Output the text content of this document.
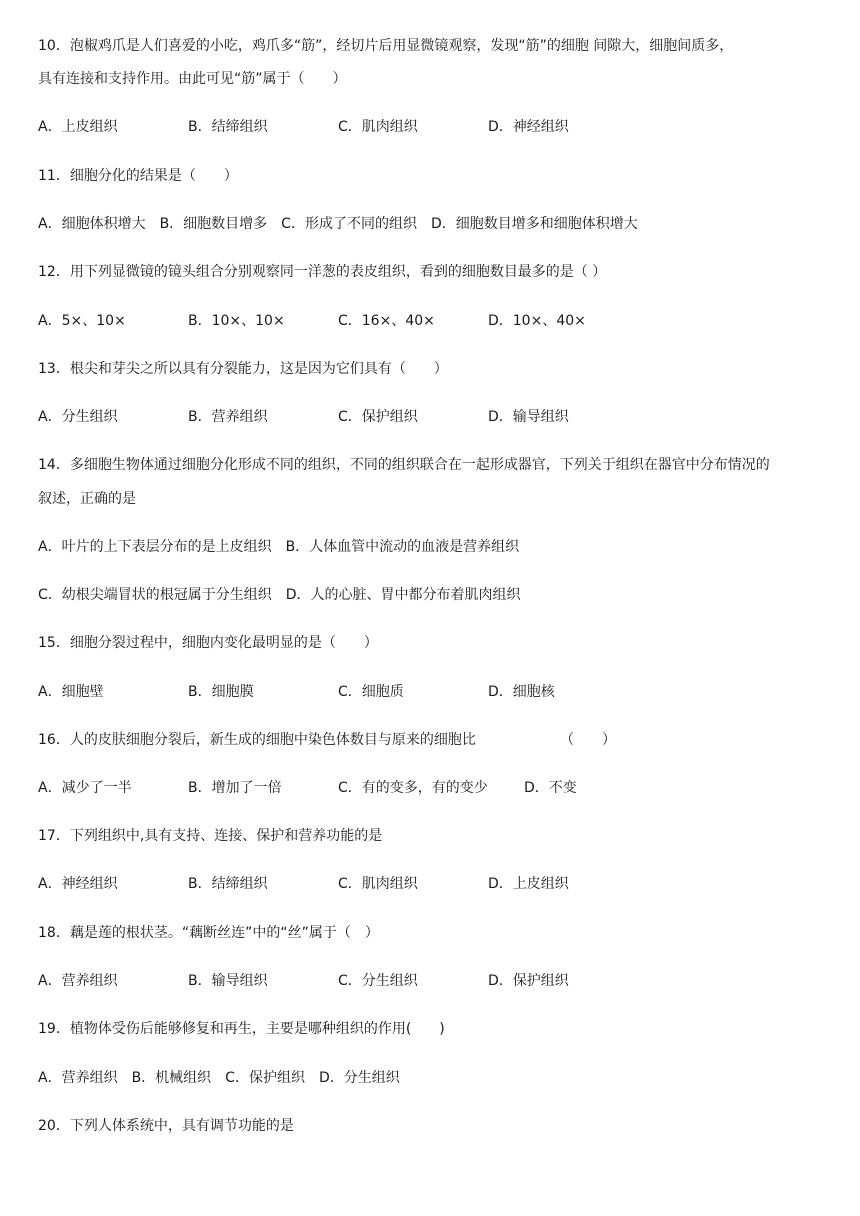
10．泡椒鸡爪是人们喜爱的小吃，鸡爪多“筋”，经切片后用显微镜观察，发现“筋”的细胞 间隙大，细胞间质多，
具有连接和支持作用。由此可见“筋”属于（　　）
A．上皮组织	B．结缔组织	C．肌肉组织	D．神经组织
11．细胞分化的结果是（　　）
A．细胞体积增大　B．细胞数目增多　C．形成了不同的组织　D．细胞数目增多和细胞体积增大
12．用下列显微镜的镜头组合分别观察同一洋葱的表皮组织，看到的细胞数目最多的是（ ）
A．5×、10×	B．10×、10×	C．16×、40×	D．10×、40×
13．根尖和芽尖之所以具有分裂能力，这是因为它们具有（　　）
A．分生组织	B．营养组织	C．保护组织	D．输导组织
14．多细胞生物体通过细胞分化形成不同的组织，不同的组织联合在一起形成器官，下列关于组织在器官中分布情况的
叙述，正确的是
A．叶片的上下表层分布的是上皮组织　B．人体血管中流动的血液是营养组织
C．幼根尖端冒状的根冠属于分生组织　D．人的心脏、胃中都分布着肌肉组织
15．细胞分裂过程中，细胞内变化最明显的是（　　）
A．细胞壁	B．细胞膜	C．细胞质	D．细胞核
16．人的皮肤细胞分裂后，新生成的细胞中染色体数目与原来的细胞比	（　　）
A．减少了一半	B．增加了一倍	C．有的变多，有的变少	D．不变
17．下列组织中,具有支持、连接、保护和营养功能的是
A．神经组织	B．结缔组织	C．肌肉组织	D．上皮组织
18．藕是莲的根状茎。“藕断丝连”中的“丝”属于（　）
A．营养组织	B．输导组织	C．分生组织	D．保护组织
19．植物体受伤后能够修复和再生，主要是哪种组织的作用(　　)
A．营养组织　B．机械组织　C．保护组织　D．分生组织
20．下列人体系统中，具有调节功能的是
